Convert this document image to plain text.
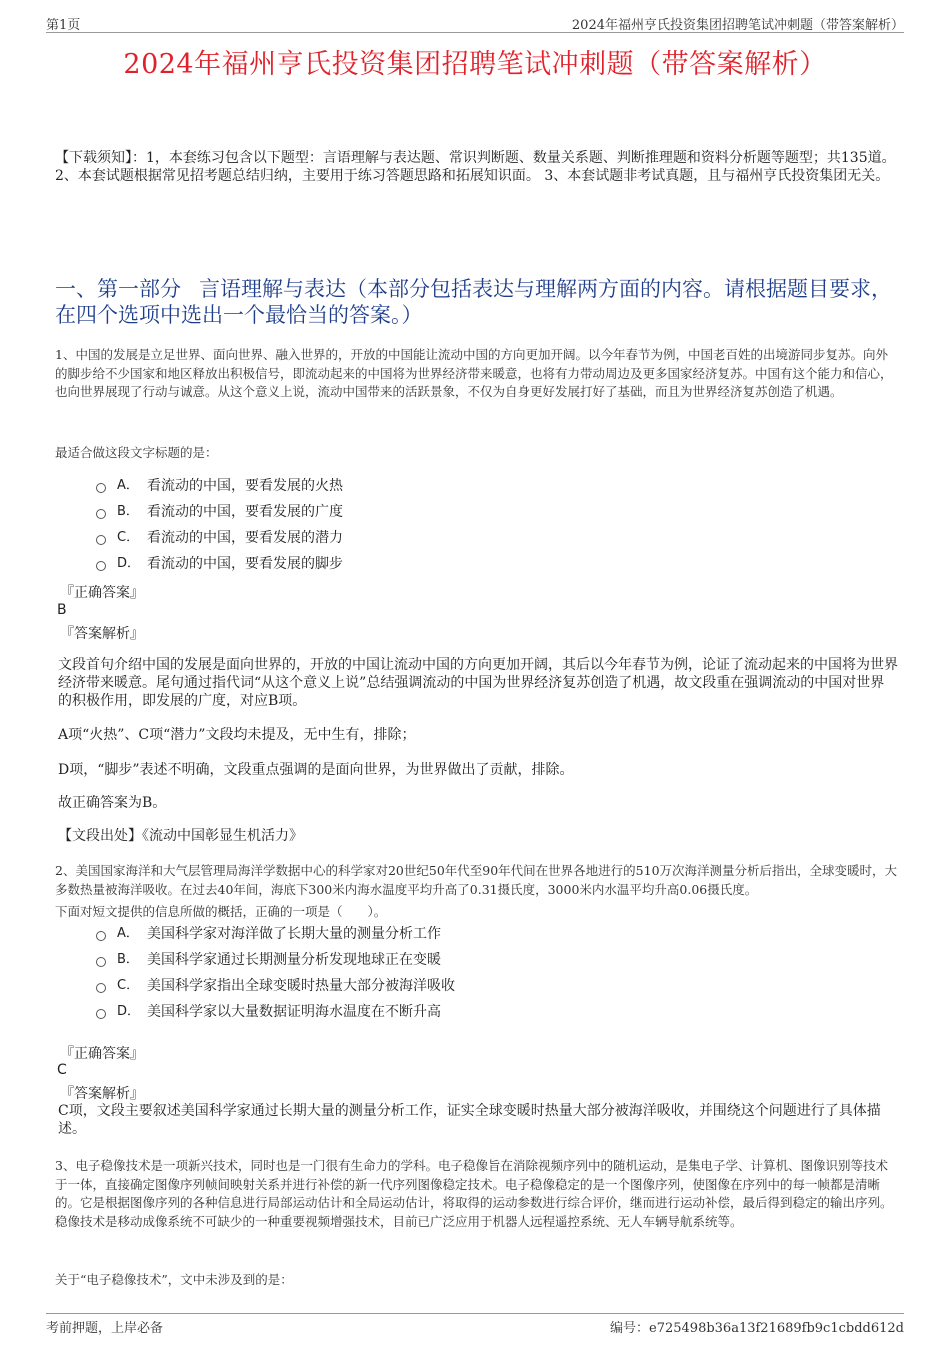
第1页	2024年福州亨氏投资集团招聘笔试冲刺题（带答案解析）
2024年福州亨氏投资集团招聘笔试冲刺题（带答案解析）
【下载须知】：1，本套练习包含以下题型：言语理解与表达题、常识判断题、数量关系题、判断推理题和资料分析题等题型；共135道。 2、本套试题根据常见招考题总结归纳，主要用于练习答题思路和拓展知识面。 3、本套试题非考试真题，且与福州亨氏投资集团无关。
一、第一部分 言语理解与表达（本部分包括表达与理解两方面的内容。请根据题目要求，在四个选项中选出一个最恰当的答案。）
1、中国的发展是立足世界、面向世界、融入世界的，开放的中国能让流动中国的方向更加开阔。以今年春节为例，中国老百姓的出境游同步复苏。向外的脚步给不少国家和地区释放出积极信号，即流动起来的中国将为世界经济带来暖意，也将有力带动周边及更多国家经济复苏。中国有这个能力和信心，也向世界展现了行动与诚意。从这个意义上说，流动中国带来的活跃景象，不仅为自身更好发展打好了基础，而且为世界经济复苏创造了机遇。
最适合做这段文字标题的是：
A． 看流动的中国，要看发展的火热
B． 看流动的中国，要看发展的广度
C． 看流动的中国，要看发展的潜力
D． 看流动的中国，要看发展的脚步
『正确答案』
B
『答案解析』
文段首句介绍中国的发展是面向世界的，开放的中国让流动中国的方向更加开阔，其后以今年春节为例，论证了流动起来的中国将为世界经济带来暖意。尾句通过指代词“从这个意义上说”总结强调流动的中国为世界经济复苏创造了机遇，故文段重在强调流动的中国对世界的积极作用，即发展的广度，对应B项。
A项“火热”、C项“潜力”文段均未提及，无中生有，排除；
D项，“脚步”表述不明确，文段重点强调的是面向世界，为世界做出了贡献，排除。
故正确答案为B。
【文段出处】《流动中国彰显生机活力》
2、美国国家海洋和大气层管理局海洋学数据中心的科学家对20世纪50年代至90年代间在世界各地进行的510万次海洋测量分析后指出，全球变暖时，大多数热量被海洋吸收。在过去40年间，海底下300米内海水温度平均升高了0.31摄氏度，3000米内水温平均升高0.06摄氏度。
下面对短文提供的信息所做的概括，正确的一项是（　　）。
A． 美国科学家对海洋做了长期大量的测量分析工作
B． 美国科学家通过长期测量分析发现地球正在变暖
C． 美国科学家指出全球变暖时热量大部分被海洋吸收
D． 美国科学家以大量数据证明海水温度在不断升高
『正确答案』
C
『答案解析』
C项，文段主要叙述美国科学家通过长期大量的测量分析工作，证实全球变暖时热量大部分被海洋吸收，并围绕这个问题进行了具体描述。
3、电子稳像技术是一项新兴技术，同时也是一门很有生命力的学科。电子稳像旨在消除视频序列中的随机运动，是集电子学、计算机、图像识别等技术于一体，直接确定图像序列帧间映射关系并进行补偿的新一代序列图像稳定技术。电子稳像稳定的是一个图像序列，使图像在序列中的每一帧都是清晰的。它是根据图像序列的各种信息进行局部运动估计和全局运动估计，将取得的运动参数进行综合评价，继而进行运动补偿，最后得到稳定的输出序列。稳像技术是移动成像系统不可缺少的一种重要视频增强技术，目前已广泛应用于机器人远程遥控系统、无人车辆导航系统等。
关于“电子稳像技术”，文中未涉及到的是：
考前押题，上岸必备	编号：e725498b36a13f21689fb9c1cbdd612d
